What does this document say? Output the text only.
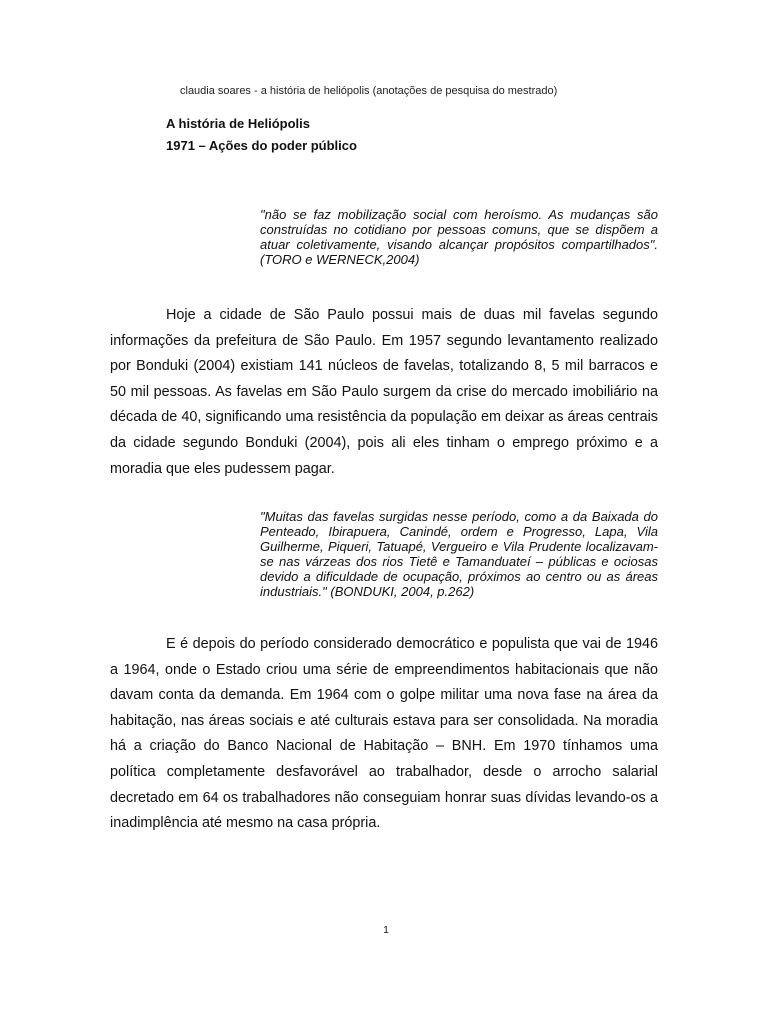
claudia soares - a história de heliópolis (anotações de pesquisa do mestrado)
A história de Heliópolis
1971 – Ações do poder público

"não se faz mobilização social com heroísmo. As mudanças são construídas no cotidiano por pessoas comuns, que se dispõem a atuar coletivamente, visando alcançar propósitos compartilhados". (TORO e WERNECK,2004)

Hoje a cidade de São Paulo possui mais de duas mil favelas segundo informações da prefeitura de São Paulo. Em 1957 segundo levantamento realizado por Bonduki (2004) existiam 141 núcleos de favelas, totalizando 8, 5 mil barracos e 50 mil pessoas. As favelas em São Paulo surgem da crise do mercado imobiliário na década de 40, significando uma resistência da população em deixar as áreas centrais da cidade segundo Bonduki (2004), pois ali eles tinham o emprego próximo e a moradia que eles pudessem pagar.

"Muitas das favelas surgidas nesse período, como a da Baixada do Penteado, Ibirapuera, Canindé, ordem e Progresso, Lapa, Vila Guilherme, Piqueri, Tatuapé, Vergueiro e Vila Prudente localizavam-se nas várzeas dos rios Tietê e Tamanduateí – públicas e ociosas devido a dificuldade de ocupação, próximos ao centro ou as áreas industriais." (BONDUKI, 2004, p.262)

E é depois do período considerado democrático e populista que vai de 1946 a 1964, onde o Estado criou uma série de empreendimentos habitacionais que não davam conta da demanda. Em 1964 com o golpe militar uma nova fase na área da habitação, nas áreas sociais e até culturais estava para ser consolidada. Na moradia há a criação do Banco Nacional de Habitação – BNH. Em 1970 tínhamos uma política completamente desfavorável ao trabalhador, desde o arrocho salarial decretado em 64 os trabalhadores não conseguiam honrar suas dívidas levando-os a inadimplência até mesmo na casa própria.

1
